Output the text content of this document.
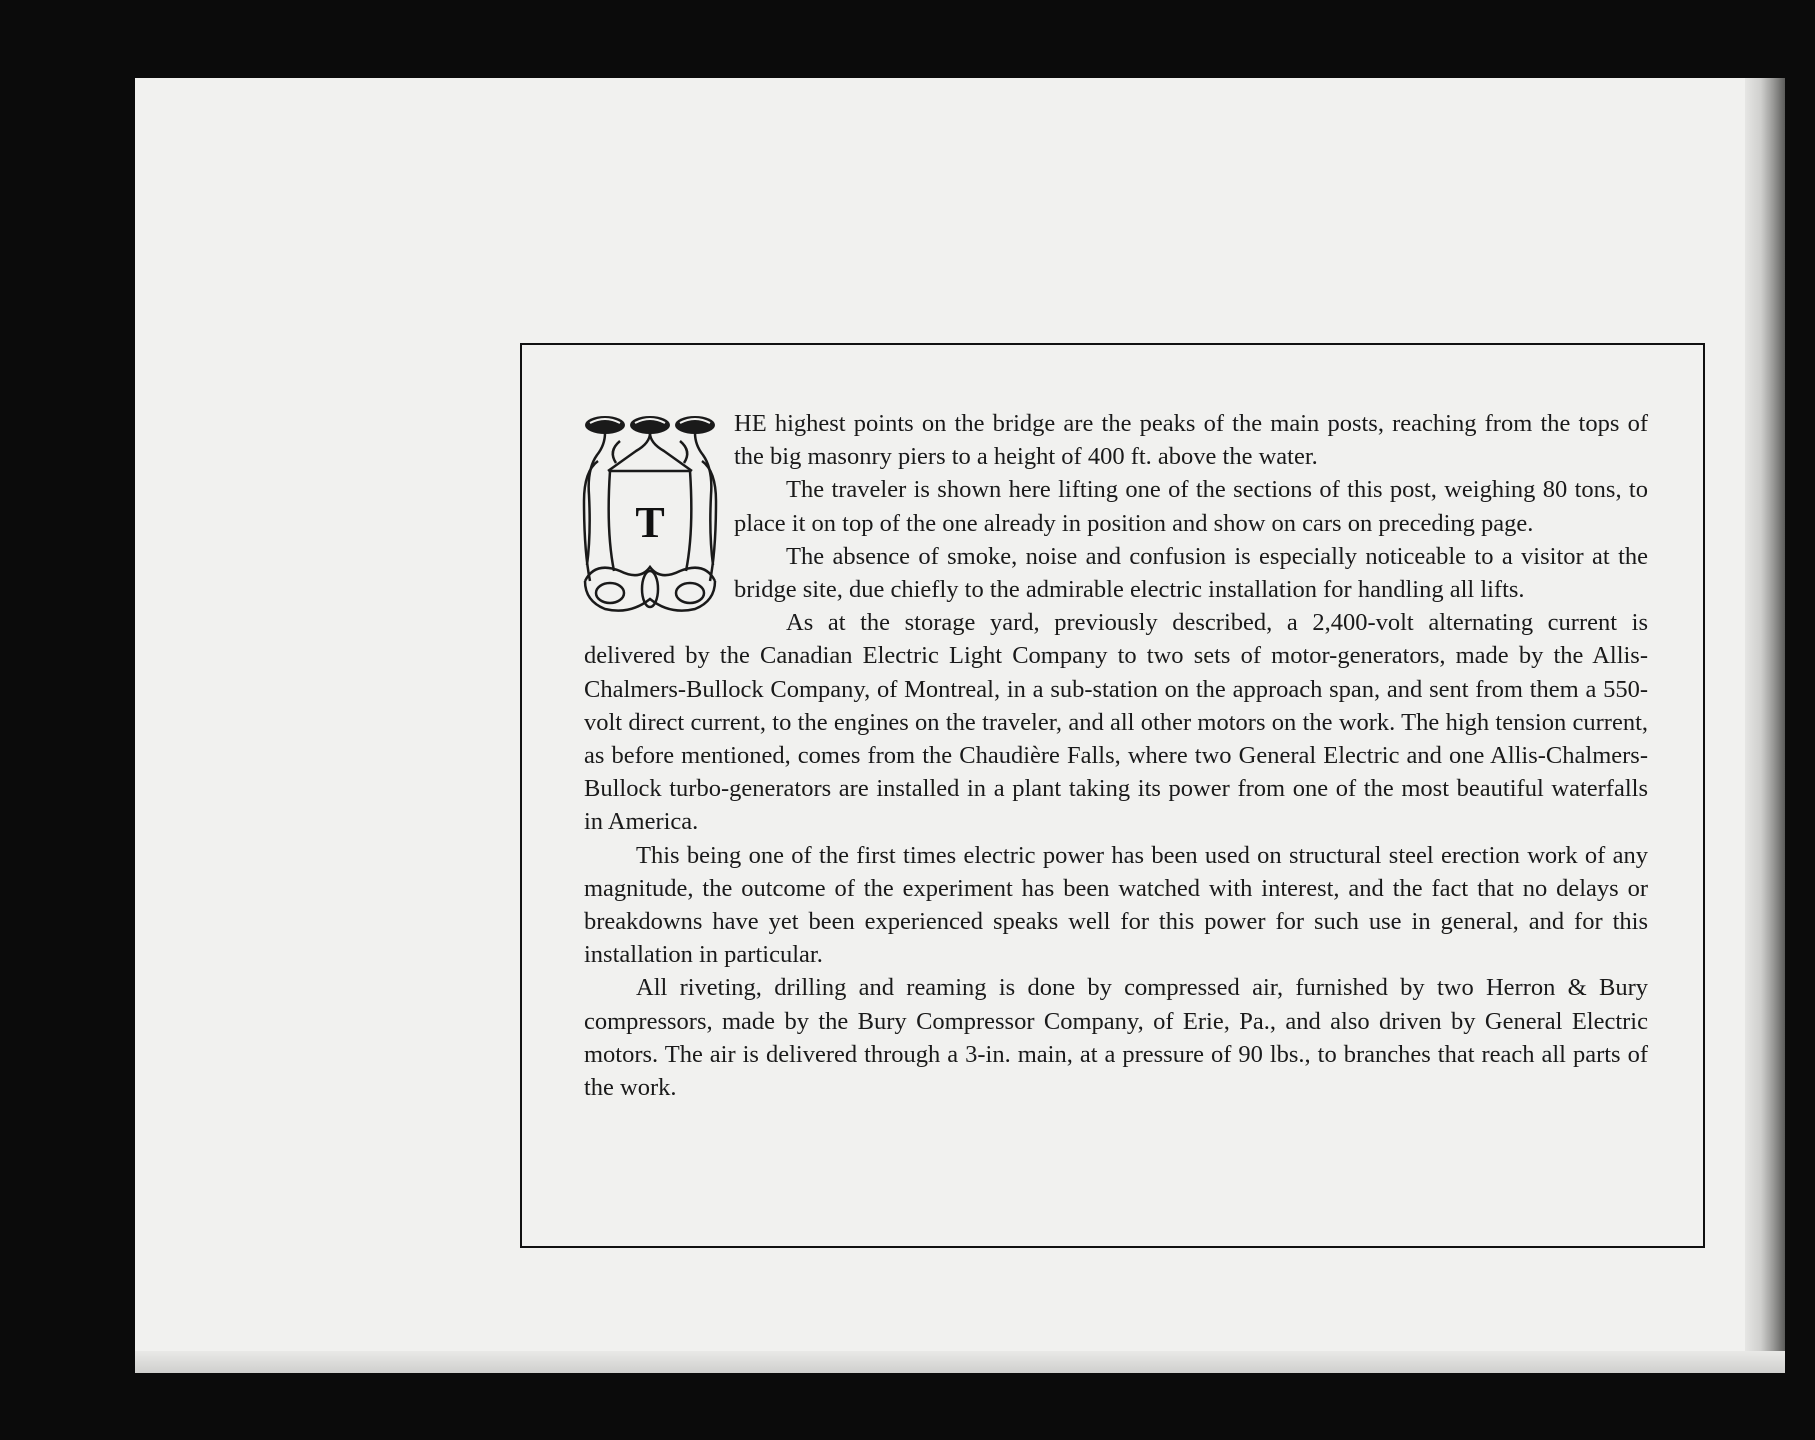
T

HE highest points on the bridge are the peaks of the main posts, reaching from the tops of the big masonry piers to a height of 400 ft. above the water.

The traveler is shown here lifting one of the sections of this post, weighing 80 tons, to place it on top of the one already in position and show on cars on preceding page.

The absence of smoke, noise and confusion is especially noticeable to a visitor at the bridge site, due chiefly to the admirable electric installation for handling all lifts.

As at the storage yard, previously described, a 2,400-volt alternating current is delivered by the Canadian Electric Light Company to two sets of motor-generators, made by the Allis-Chalmers-Bullock Company, of Montreal, in a sub-station on the approach span, and sent from them a 550-volt direct current, to the engines on the traveler, and all other motors on the work. The high tension current, as before mentioned, comes from the Chaudière Falls, where two General Electric and one Allis-Chalmers-Bullock turbo-generators are installed in a plant taking its power from one of the most beautiful waterfalls in America.

This being one of the first times electric power has been used on structural steel erection work of any magnitude, the outcome of the experiment has been watched with interest, and the fact that no delays or breakdowns have yet been experienced speaks well for this power for such use in general, and for this installation in particular.

All riveting, drilling and reaming is done by compressed air, furnished by two Herron & Bury compressors, made by the Bury Compressor Company, of Erie, Pa., and also driven by General Electric motors. The air is delivered through a 3-in. main, at a pressure of 90 lbs., to branches that reach all parts of the work.
